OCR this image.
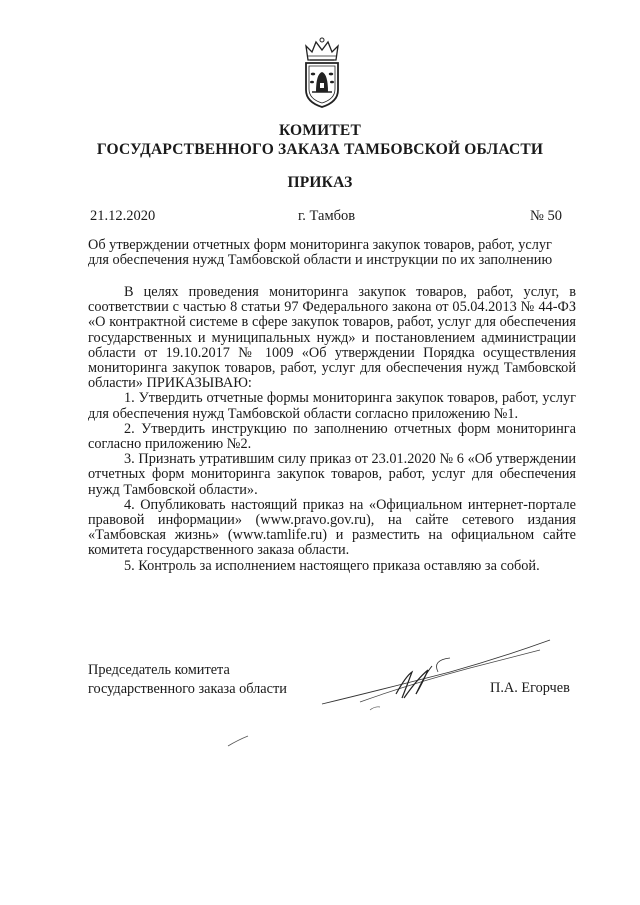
КОМИТЕТ
ГОСУДАРСТВЕННОГО ЗАКАЗА ТАМБОВСКОЙ ОБЛАСТИ
ПРИКАЗ
21.12.2020	г. Тамбов	№ 50
Об утверждении отчетных форм мониторинга закупок товаров, работ, услуг для обеспечения нужд Тамбовской области и инструкции по их заполнению

В целях проведения мониторинга закупок товаров, работ, услуг, в соответствии с частью 8 статьи 97 Федерального закона от 05.04.2013 № 44-ФЗ «О контрактной системе в сфере закупок товаров, работ, услуг для обеспечения государственных и муниципальных нужд» и постановлением администрации области от 19.10.2017 № 1009 «Об утверждении Порядка осуществления мониторинга закупок товаров, работ, услуг для обеспечения нужд Тамбовской области» ПРИКАЗЫВАЮ:

1. Утвердить отчетные формы мониторинга закупок товаров, работ, услуг для обеспечения нужд Тамбовской области согласно приложению №1.

2. Утвердить инструкцию по заполнению отчетных форм мониторинга согласно приложению №2.

3. Признать утратившим силу приказ от 23.01.2020 № 6 «Об утверждении отчетных форм мониторинга закупок товаров, работ, услуг для обеспечения нужд Тамбовской области».

4. Опубликовать настоящий приказ на «Официальном интернет-портале правовой информации» (www.pravo.gov.ru), на сайте сетевого издания «Тамбовская жизнь» (www.tamlife.ru) и разместить на официальном сайте комитета государственного заказа области.

5. Контроль за исполнением настоящего приказа оставляю за собой.

Председатель комитета
государственного заказа области	П.А. Егорчев
